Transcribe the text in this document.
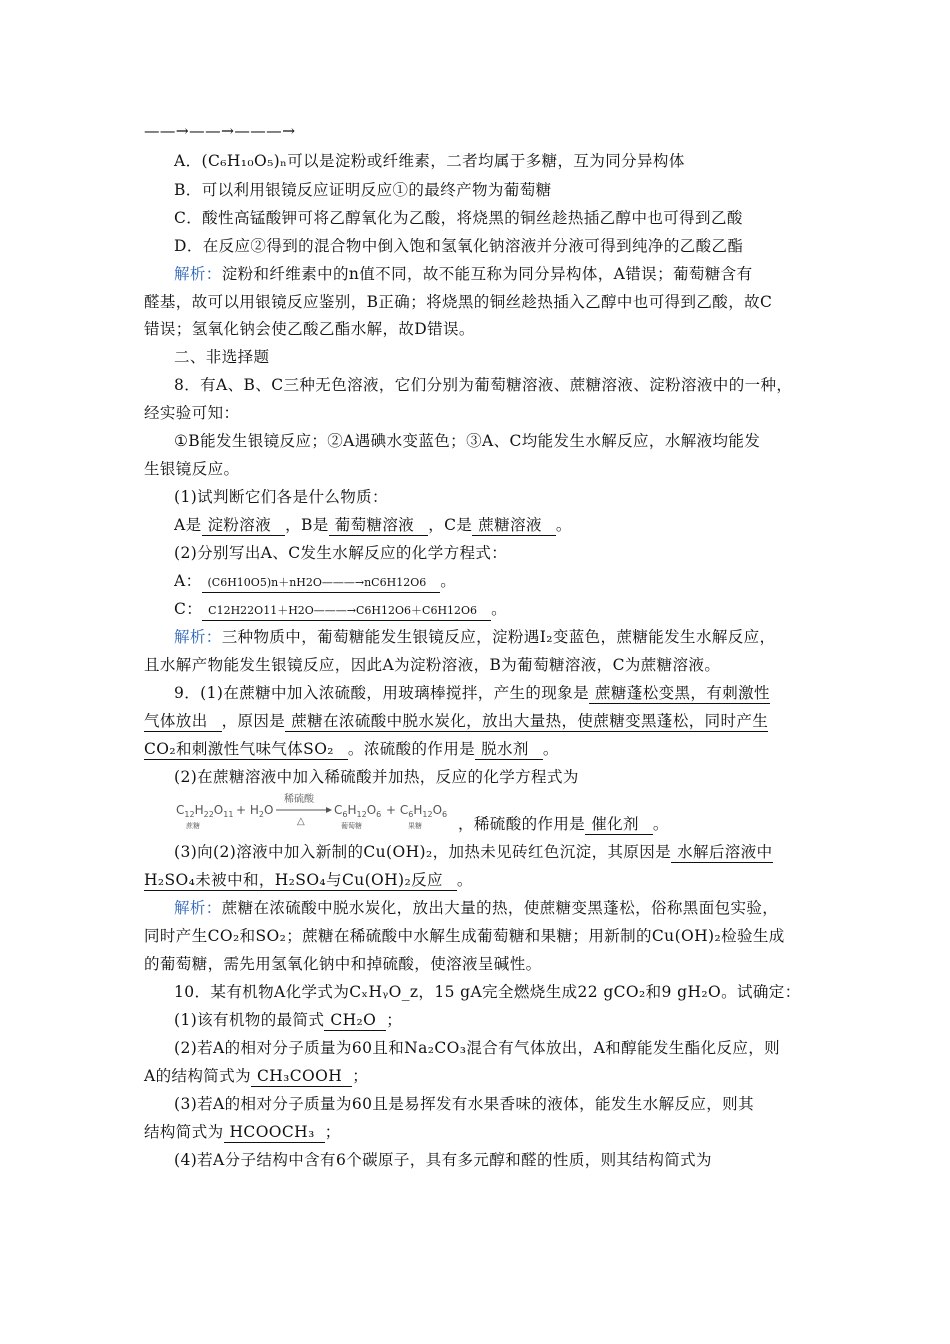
——→——→———→
A．(C₆H₁₀O₅)ₙ可以是淀粉或纤维素，二者均属于多糖，互为同分异构体
B．可以利用银镜反应证明反应①的最终产物为葡萄糖
C．酸性高锰酸钾可将乙醇氧化为乙酸，将烧黑的铜丝趁热插乙醇中也可得到乙酸
D．在反应②得到的混合物中倒入饱和氢氧化钠溶液并分液可得到纯净的乙酸乙酯
解析：淀粉和纤维素中的n值不同，故不能互称为同分异构体，A错误；葡萄糖含有
醛基，故可以用银镜反应鉴别，B正确；将烧黑的铜丝趁热插入乙醇中也可得到乙酸，故C
错误；氢氧化钠会使乙酸乙酯水解，故D错误。
二、非选择题
8．有A、B、C三种无色溶液，它们分别为葡萄糖溶液、蔗糖溶液、淀粉溶液中的一种，
经实验可知：
①B能发生银镜反应；②A遇碘水变蓝色；③A、C均能发生水解反应，水解液均能发
生银镜反应。
(1)试判断它们各是什么物质：
A是 淀粉溶液 ，B是 葡萄糖溶液 ，C是 蔗糖溶液 。
(2)分别写出A、C发生水解反应的化学方程式：
A： (C6H10O5)n＋nH2O———→nC6H12O6 。
C： C12H22O11＋H2O———→C6H12O6＋C6H12O6 。
解析：三种物质中，葡萄糖能发生银镜反应，淀粉遇I₂变蓝色，蔗糖能发生水解反应，
且水解产物能发生银镜反应，因此A为淀粉溶液，B为葡萄糖溶液，C为蔗糖溶液。
9．(1)在蔗糖中加入浓硫酸，用玻璃棒搅拌，产生的现象是 蔗糖蓬松变黑，有刺激性
气体放出 ，原因是 蔗糖在浓硫酸中脱水炭化，放出大量热，使蔗糖变黑蓬松，同时产生
CO₂和刺激性气味气体SO₂ 。浓硫酸的作用是 脱水剂 。
(2)在蔗糖溶液中加入稀硫酸并加热，反应的化学方程式为
$C_{12}H_{22}O_{11} + H_2O$
稀硫酸
△
$C_6H_{12}O_6 + C_6H_{12}O_6$
蔗糖	葡萄糖	果糖 ，稀硫酸的作用是 催化剂 。
(3)向(2)溶液中加入新制的Cu(OH)₂，加热未见砖红色沉淀，其原因是 水解后溶液中
H₂SO₄未被中和，H₂SO₄与Cu(OH)₂反应 。
解析：蔗糖在浓硫酸中脱水炭化，放出大量的热，使蔗糖变黑蓬松，俗称黑面包实验，
同时产生CO₂和SO₂；蔗糖在稀硫酸中水解生成葡萄糖和果糖；用新制的Cu(OH)₂检验生成
的葡萄糖，需先用氢氧化钠中和掉硫酸，使溶液呈碱性。
10．某有机物A化学式为CₓHᵧO_z，15 gA完全燃烧生成22 gCO₂和9 gH₂O。试确定：
(1)该有机物的最简式 CH₂O ；
(2)若A的相对分子质量为60且和Na₂CO₃混合有气体放出，A和醇能发生酯化反应，则
A的结构简式为 CH₃COOH ；
(3)若A的相对分子质量为60且是易挥发有水果香味的液体，能发生水解反应，则其
结构简式为 HCOOCH₃ ；
(4)若A分子结构中含有6个碳原子，具有多元醇和醛的性质，则其结构简式为
